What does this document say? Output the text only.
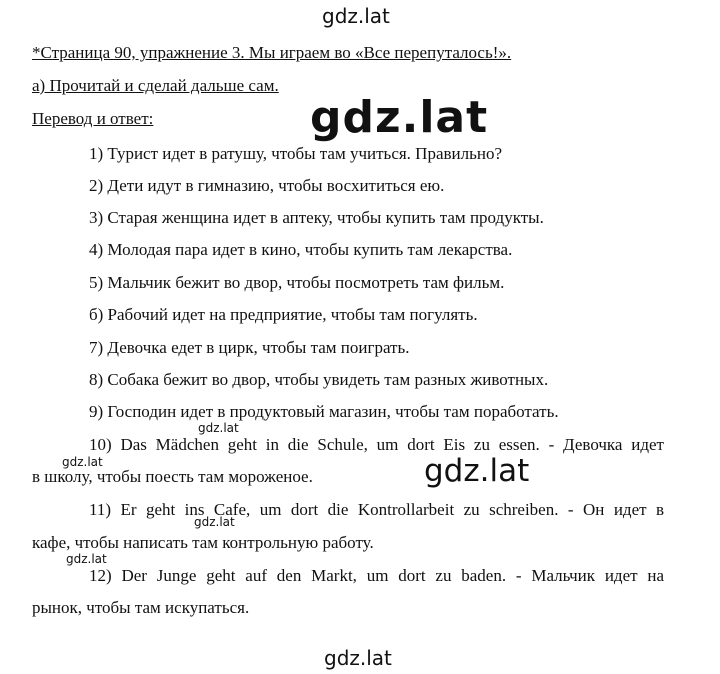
gdz.lat
*Страница 90, упражнение 3. Мы играем во «Все перепуталось!».
а) Прочитай и сделай дальше сам.
Перевод и ответ:	gdz.lat
1) Турист идет в ратушу, чтобы там учиться. Правильно?
2) Дети идут в гимназию, чтобы восхититься ею.
3) Старая женщина идет в аптеку, чтобы купить там продукты.
4) Молодая пара идет в кино, чтобы купить там лекарства.
5) Мальчик бежит во двор, чтобы посмотреть там фильм.
б) Рабочий идет на предприятие, чтобы там погулять.
7) Девочка едет в цирк, чтобы там поиграть.
8) Собака бежит во двор, чтобы увидеть там разных животных.
9) Господин идет в продуктовый магазин, чтобы там поработать.
gdz.lat
10) Das Mädchen geht in die Schule, um dort Eis zu essen. - Девочка идет
gdz.lat
в школу, чтобы поесть там мороженое.	gdz.lat
11) Er geht ins Cafe, um dort die Kontrollarbeit zu schreiben. - Он идет в
gdz.lat
кафе, чтобы написать там контрольную работу.
gdz.lat
12) Der Junge geht auf den Markt, um dort zu baden. - Мальчик идет на
рынок, чтобы там искупаться.
gdz.lat
